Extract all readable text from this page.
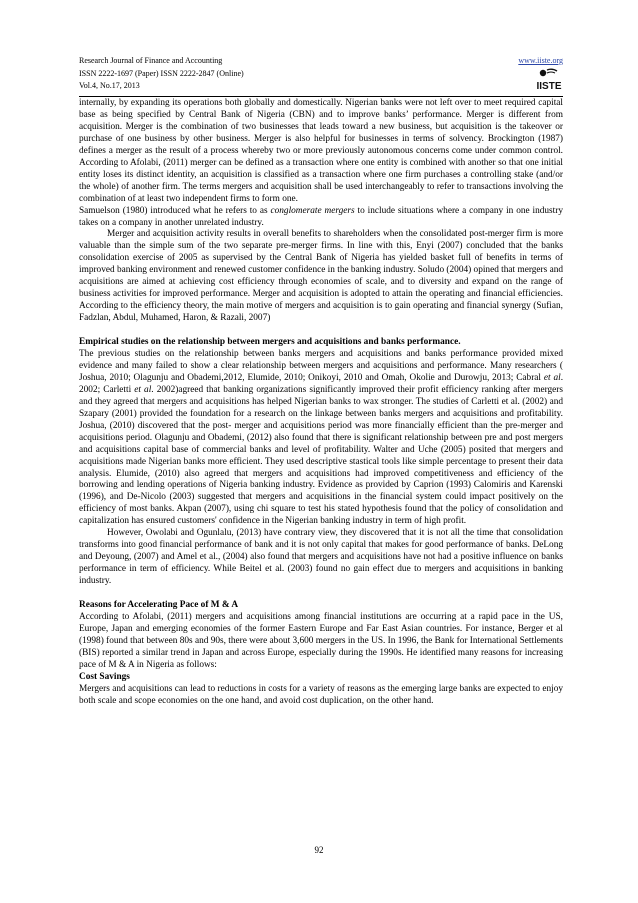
Research Journal of Finance and Accounting
ISSN 2222-1697 (Paper) ISSN 2222-2847 (Online)
Vol.4, No.17, 2013
www.iiste.org
IISTE

internally, by expanding its operations both globally and domestically. Nigerian banks were not left over to meet required capital base as being specified by Central Bank of Nigeria (CBN) and to improve banks’ performance. Merger is different from acquisition. Merger is the combination of two businesses that leads toward a new business, but acquisition is the takeover or purchase of one business by other business. Merger is also helpful for businesses in terms of solvency. Brockington (1987) defines a merger as the result of a process whereby two or more previously autonomous concerns come under common control. According to Afolabi, (2011) merger can be defined as a transaction where one entity is combined with another so that one initial entity loses its distinct identity, an acquisition is classified as a transaction where one firm purchases a controlling stake (and/or the whole) of another firm. The terms mergers and acquisition shall be used interchangeably to refer to transactions involving the combination of at least two independent firms to form one.

Samuelson (1980) introduced what he refers to as conglomerate mergers to include situations where a company in one industry takes on a company in another unrelated industry.

Merger and acquisition activity results in overall benefits to shareholders when the consolidated post-merger firm is more valuable than the simple sum of the two separate pre-merger firms. In line with this, Enyi (2007) concluded that the banks consolidation exercise of 2005 as supervised by the Central Bank of Nigeria has yielded basket full of benefits in terms of improved banking environment and renewed customer confidence in the banking industry. Soludo (2004) opined that mergers and acquisitions are aimed at achieving cost efficiency through economies of scale, and to diversity and expand on the range of business activities for improved performance. Merger and acquisition is adopted to attain the operating and financial efficiencies. According to the efficiency theory, the main motive of mergers and acquisition is to gain operating and financial synergy (Sufian, Fadzlan, Abdul, Muhamed, Haron, & Razali, 2007)

Empirical studies on the relationship between mergers and acquisitions and banks performance.

The previous studies on the relationship between banks mergers and acquisitions and banks performance provided mixed evidence and many failed to show a clear relationship between mergers and acquisitions and performance. Many researchers ( Joshua, 2010; Olagunju and Obademi,2012, Elumide, 2010; Onikoyi, 2010 and Omah, Okolie and Durowju, 2013; Cabral et al. 2002; Carletti et al. 2002)agreed that banking organizations significantly improved their profit efficiency ranking after mergers and they agreed that mergers and acquisitions has helped Nigerian banks to wax stronger. The studies of Carletti et al. (2002) and Szapary (2001) provided the foundation for a research on the linkage between banks mergers and acquisitions and profitability. Joshua, (2010) discovered that the post- merger and acquisitions period was more financially efficient than the pre-merger and acquisitions period. Olagunju and Obademi, (2012) also found that there is significant relationship between pre and post mergers and acquisitions capital base of commercial banks and level of profitability. Walter and Uche (2005) posited that mergers and acquisitions made Nigerian banks more efficient. They used descriptive stastical tools like simple percentage to present their data analysis. Elumide, (2010) also agreed that mergers and acquisitions had improved competitiveness and efficiency of the borrowing and lending operations of Nigeria banking industry. Evidence as provided by Caprion (1993) Calomiris and Karenski (1996), and De-Nicolo (2003) suggested that mergers and acquisitions in the financial system could impact positively on the efficiency of most banks. Akpan (2007), using chi square to test his stated hypothesis found that the policy of consolidation and capitalization has ensured customers' confidence in the Nigerian banking industry in term of high profit.

However, Owolabi and Ogunlalu, (2013) have contrary view, they discovered that it is not all the time that consolidation transforms into good financial performance of bank and it is not only capital that makes for good performance of banks. DeLong and Deyoung, (2007) and Amel et al., (2004) also found that mergers and acquisitions have not had a positive influence on banks performance in term of efficiency. While Beitel et al. (2003) found no gain effect due to mergers and acquisitions in banking industry.

Reasons for Accelerating Pace of M & A

According to Afolabi, (2011) mergers and acquisitions among financial institutions are occurring at a rapid pace in the US, Europe, Japan and emerging economies of the former Eastern Europe and Far East Asian countries. For instance, Berger et al (1998) found that between 80s and 90s, there were about 3,600 mergers in the US. In 1996, the Bank for International Settlements (BIS) reported a similar trend in Japan and across Europe, especially during the 1990s. He identified many reasons for increasing pace of M & A in Nigeria as follows:

Cost Savings

Mergers and acquisitions can lead to reductions in costs for a variety of reasons as the emerging large banks are expected to enjoy both scale and scope economies on the one hand, and avoid cost duplication, on the other hand.

92
